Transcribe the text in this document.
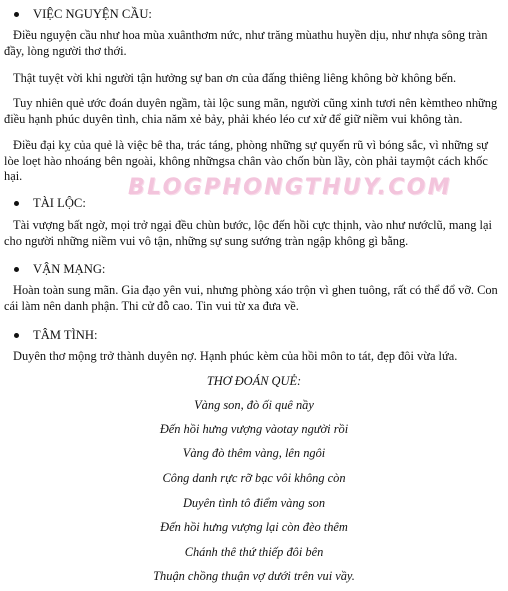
VIỆC NGUYỆN CẦU:
Điều nguyện cầu như hoa mùa xuânthơm nức, như trăng mùathu huyền dịu, như nhựa sông tràn đầy, lòng người thơ thới.
Thật tuyệt vời khi người tận hưởng sự ban ơn của đấng thiêng liêng không bờ không bến.
Tuy nhiên quẻ ước đoán duyên ngầm, tài lộc sung mãn, người cũng xinh tươi nên kèmtheo những điều hạnh phúc duyên tình, chia năm xẻ bảy, phải khéo léo cư xử để giữ niềm vui không tàn.
Điều đại kỵ của quẻ là việc bê tha, trác táng, phòng những sự quyến rũ vì bóng sắc, vì những sự lòe loẹt hào nhoáng bên ngoài, không nhữngsa chân vào chốn bùn lầy, còn phải taymột cách khốc hại.	BLOGPHONGTHUY.COM
TÀI LỘC:
Tài vượng bất ngờ, mọi trở ngại đều chùn bước, lộc đến hồi cực thịnh, vào như nướclũ, mang lại cho người những niềm vui vô tận, những sự sung sướng tràn ngập không gì bằng.
VẬN MẠNG:
Hoàn toàn sung mãn. Gia đạo yên vui, nhưng phòng xáo trộn vì ghen tuông, rất có thể đổ vỡ. Con cái làm nên danh phận. Thi cử đỗ cao. Tin vui từ xa đưa về.
TÂM TÌNH:
Duyên thơ mộng trở thành duyên nợ. Hạnh phúc kèm của hồi môn to tát, đẹp đôi vừa lứa.
THƠ ĐOÁN QUẺ:
Vàng son, đò ối quê nầy
Đến hồi hưng vượng vàotay người rồi
Vàng đò thêm vàng, lên ngôi
Công danh rực rỡ bạc vôi không còn
Duyên tình tô điểm vàng son
Đến hồi hưng vượng lại còn đèo thêm
Chánh thê thứ thiếp đôi bên
Thuận chồng thuận vợ dưới trên vui vầy.
